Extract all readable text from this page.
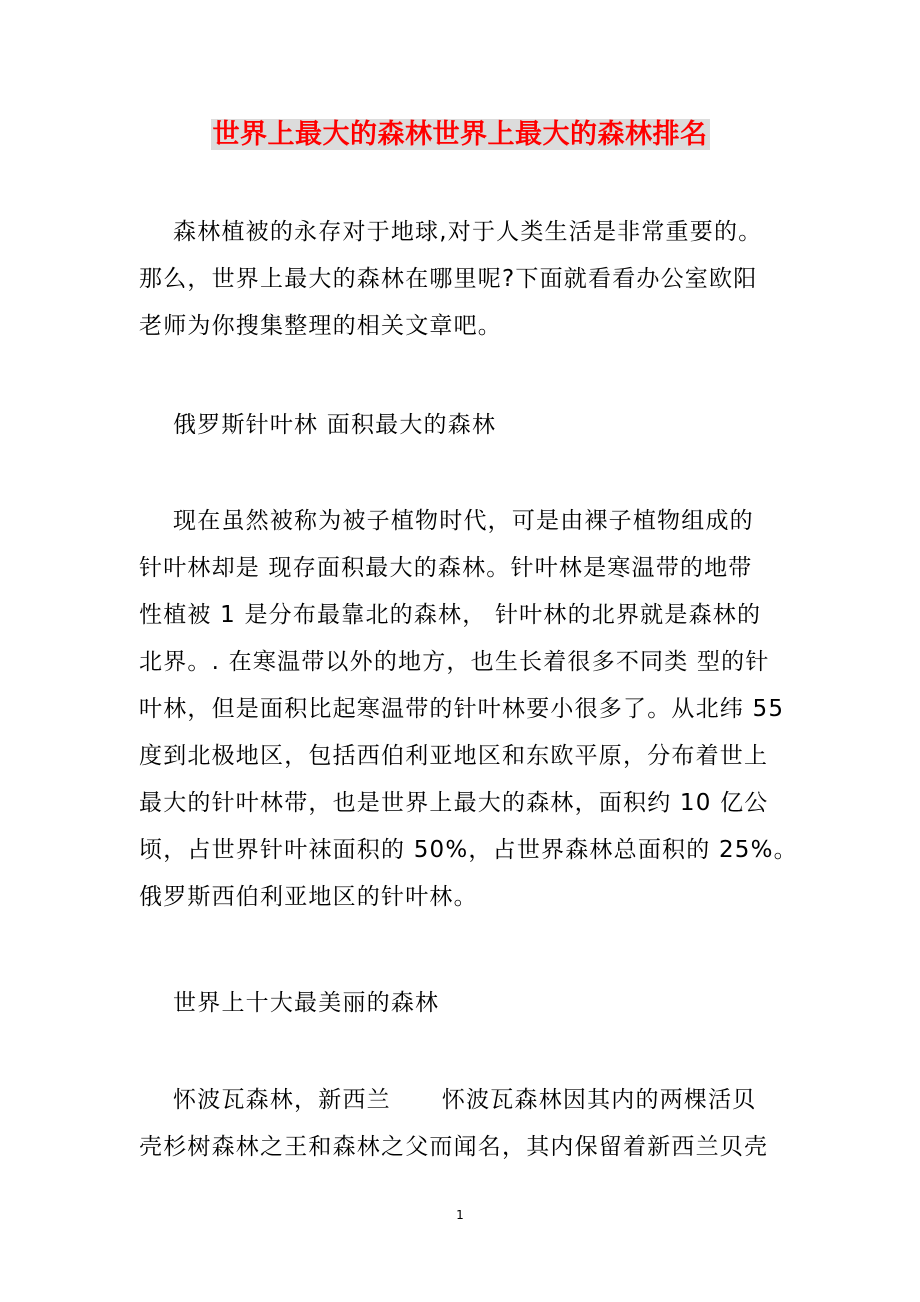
世界上最大的森林世界上最大的森林排名
森林植被的永存对于地球,对于人类生活是非常重要的。
那么，世界上最大的森林在哪里呢?下面就看看办公室欧阳
老师为你搜集整理的相关文章吧。
俄罗斯针叶林 面积最大的森林
现在虽然被称为被子植物时代，可是由裸子植物组成的
针叶林却是 现存面积最大的森林。针叶林是寒温带的地带
性植被 1 是分布最靠北的森林， 针叶林的北界就是森林的
北界。. 在寒温带以外的地方，也生长着很多不同类 型的针
叶林，但是面积比起寒温带的针叶林要小很多了。从北纬 55
度到北极地区，包括西伯利亚地区和东欧平原，分布着世上
最大的针叶林带，也是世界上最大的森林，面积约 10 亿公
顷，占世界针叶袜面积的 50%，占世界森林总面积的 25%。
俄罗斯西伯利亚地区的针叶林。
世界上十大最美丽的森林
怀波瓦森林，新西兰      怀波瓦森林因其内的两棵活贝
壳杉树森林之王和森林之父而闻名，其内保留着新西兰贝壳
1
